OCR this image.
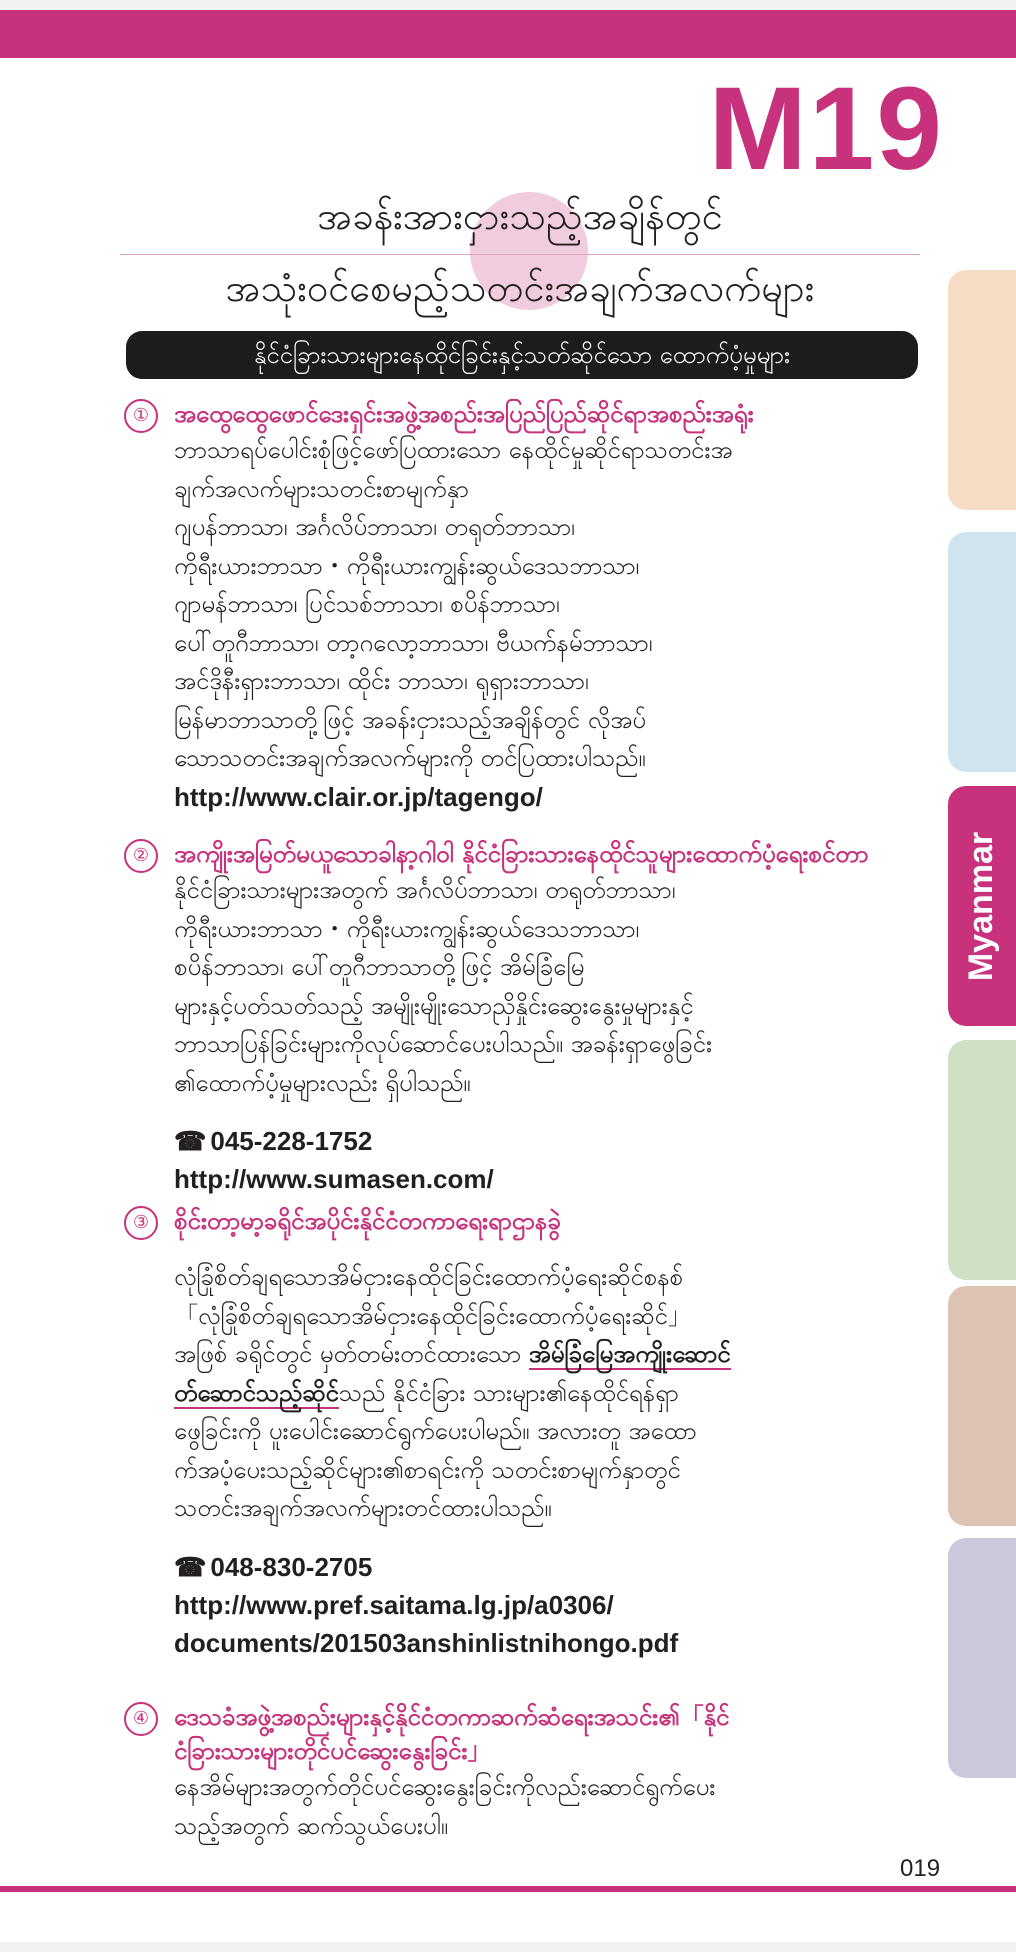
M19
အခန်းအားငှားသည့်အချိန်တွင်
အသုံးဝင်စေမည့်သတင်းအချက်အလက်များ
နိုင်ငံခြားသားများနေထိုင်ခြင်းနှင့်သတ်ဆိုင်သော ထောက်ပံ့မှုများ
Myanmar
①	အထွေထွေဖောင်ဒေးရှင်းအဖွဲ့အစည်းအပြည်ပြည်ဆိုင်ရာအစည်းအရုံး
ဘာသာရပ်ပေါင်းစုံဖြင့်ဖော်ပြထားသော နေထိုင်မှုဆိုင်ရာသတင်းအ
ချက်အလက်များသတင်းစာမျက်နှာ
ဂျပန်ဘာသာ၊ အင်္ဂလိပ်ဘာသာ၊ တရုတ်ဘာသာ၊
ကိုရီးယားဘာသာ・ကိုရီးယားကျွန်းဆွယ်ဒေသဘာသာ၊
ဂျာမန်ဘာသာ၊ ပြင်သစ်ဘာသာ၊ စပိန်ဘာသာ၊
ပေါ်တူဂီဘာသာ၊ တာ့ဂလော့ဘာသာ၊ ဗီယက်နမ်ဘာသာ၊
အင်ဒိုနီးရှားဘာသာ၊ ထိုင်း ဘာသာ၊ ရုရှားဘာသာ၊
မြန်မာဘာသာတို့ဖြင့် အခန်းငှားသည့်အချိန်တွင် လိုအပ်
သောသတင်းအချက်အလက်များကို တင်ပြထားပါသည်။
http://www.clair.or.jp/tagengo/
②	အကျိုးအမြတ်မယူသောခါနာ့ဂါဝါ နိုင်ငံခြားသားနေထိုင်သူများထောက်ပံ့ရေးစင်တာ
နိုင်ငံခြားသားများအတွက် အင်္ဂလိပ်ဘာသာ၊ တရုတ်ဘာသာ၊
ကိုရီးယားဘာသာ・ကိုရီးယားကျွန်းဆွယ်ဒေသဘာသာ၊
စပိန်ဘာသာ၊ ပေါ်တူဂီဘာသာတို့ဖြင့် အိမ်ခြံမြေ
များနှင့်ပတ်သတ်သည့် အမျိုးမျိုးသောညှိနှိုင်းဆွေးနွေးမှုများနှင့်
ဘာသာပြန်ခြင်းများကိုလုပ်ဆောင်ပေးပါသည်။ အခန်းရှာဖွေခြင်း
၏ထောက်ပံ့မှုများလည်း ရှိပါသည်။
☎ 045-228-1752
http://www.sumasen.com/
③	စိုင်းတာ့မာ့ခရိုင်အပိုင်းနိုင်ငံတကာရေးရာဌာနခွဲ
လုံခြုံစိတ်ချရသောအိမ်ငှားနေထိုင်ခြင်းထောက်ပံ့ရေးဆိုင်စနစ်
「လုံခြုံစိတ်ချရသောအိမ်ငှားနေထိုင်ခြင်းထောက်ပံ့ရေးဆိုင်」
အဖြစ် ခရိုင်တွင် မှတ်တမ်းတင်ထားသော အိမ်ခြံမြေအကျိုးဆောင်
တ်ဆောင်သည့်ဆိုင်သည် နိုင်ငံခြား သားများ၏နေထိုင်ရန်ရှာ
ဖွေခြင်းကို ပူးပေါင်းဆောင်ရွက်ပေးပါမည်။ အလားတူ အထော
က်အပံ့ပေးသည့်ဆိုင်များ၏စာရင်းကို သတင်းစာမျက်နှာတွင်
သတင်းအချက်အလက်များတင်ထားပါသည်။
☎ 048-830-2705
http://www.pref.saitama.lg.jp/a0306/
documents/201503anshinlistnihongo.pdf
④	ဒေသခံအဖွဲ့အစည်းများနှင့်နိုင်ငံတကာဆက်ဆံရေးအသင်း၏「နိုင်
ငံခြားသားများတိုင်ပင်ဆွေးနွေးခြင်း」
နေအိမ်များအတွက်တိုင်ပင်ဆွေးနွေးခြင်းကိုလည်းဆောင်ရွက်ပေး
သည့်အတွက် ဆက်သွယ်ပေးပါ။
019
